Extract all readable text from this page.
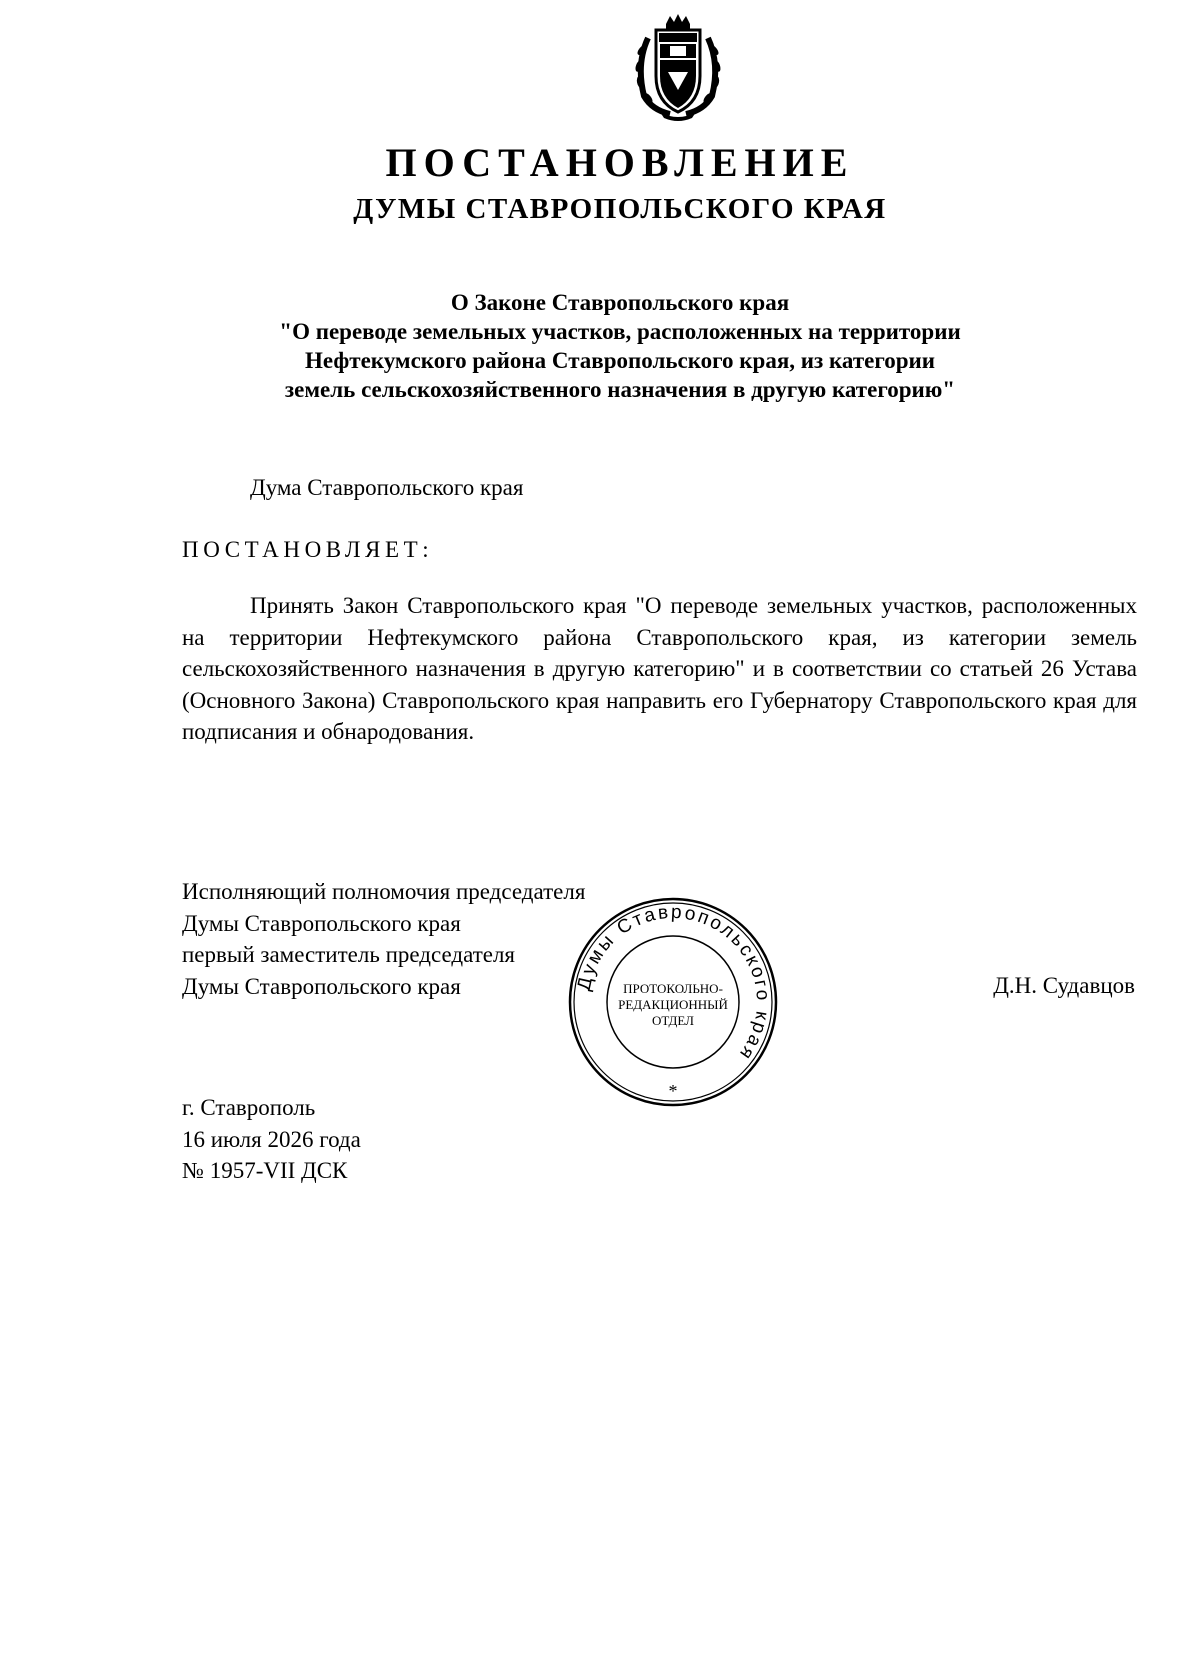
ПОСТАНОВЛЕНИЕ
ДУМЫ СТАВРОПОЛЬСКОГО КРАЯ
О Законе Ставропольского края
"О переводе земельных участков, расположенных на территории
Нефтекумского района Ставропольского края, из категории
земель сельскохозяйственного назначения в другую категорию"
Дума Ставропольского края
ПОСТАНОВЛЯЕТ:

Принять Закон Ставропольского края "О переводе земельных участков, расположенных на территории Нефтекумского района Ставропольского края, из категории земель сельскохозяйственного назначения в другую категорию" и в соответствии со статьей 26 Устава (Основного Закона) Ставропольского края направить его Губернатору Ставропольского края для подписания и обнародования.

Исполняющий полномочия председателя
Думы Ставропольского края
первый заместитель председателя
Думы Ставропольского края	Д.Н. Судавцов
Думы Ставропольского края
ПРОТОКОЛЬНО-
РЕДАКЦИОННЫЙ
ОТДЕЛ
*
г. Ставрополь
16 июля 2026 года
№ 1957-VII ДСК
